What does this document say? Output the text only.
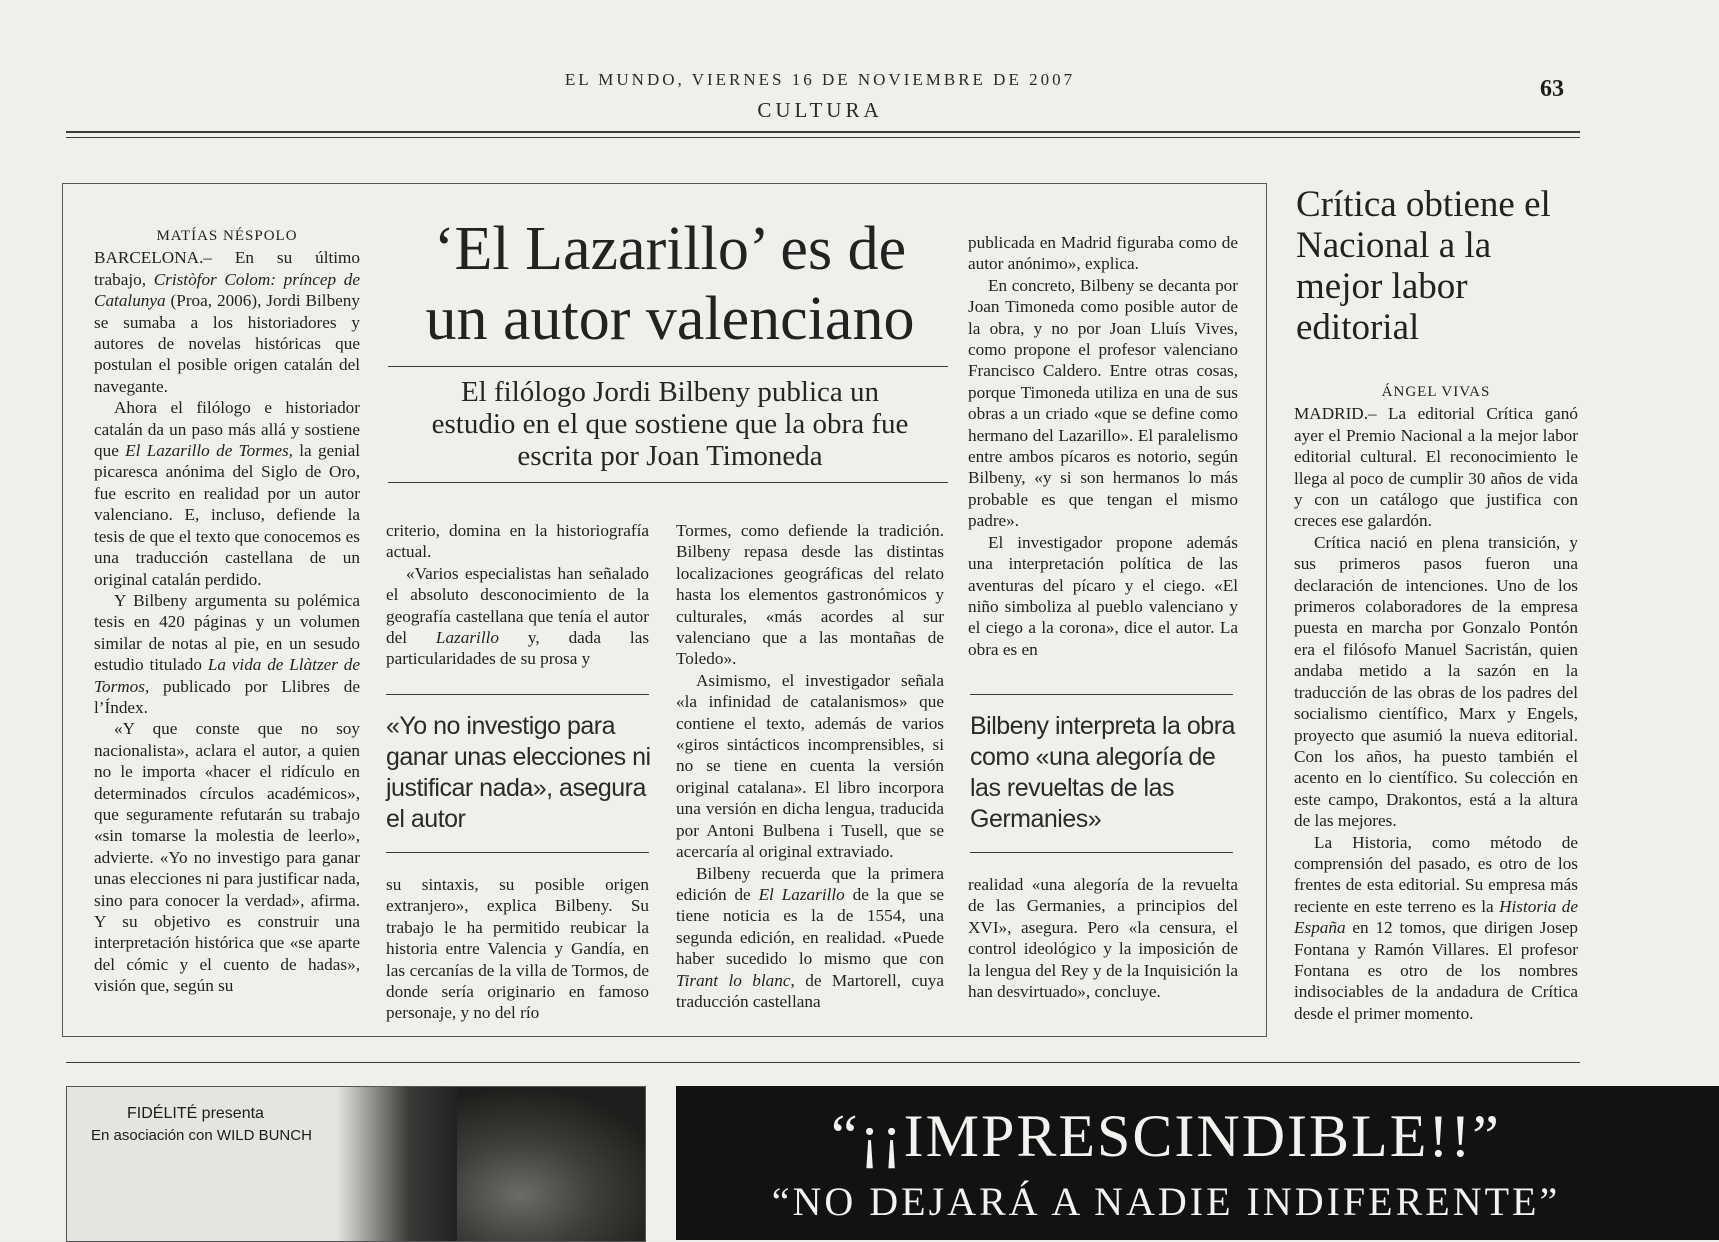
EL MUNDO, VIERNES 16 DE NOVIEMBRE DE 2007
CULTURA
63

MATÍAS NÉSPOLO

BARCELONA.– En su último trabajo, Cristòfor Colom: príncep de Catalunya (Proa, 2006), Jordi Bilbeny se sumaba a los historiadores y autores de novelas históricas que postulan el posible origen catalán del navegante.

Ahora el filólogo e historiador catalán da un paso más allá y sostiene que El Lazarillo de Tormes, la genial picaresca anónima del Siglo de Oro, fue escrito en realidad por un autor valenciano. E, incluso, defiende la tesis de que el texto que conocemos es una traducción castellana de un original catalán perdido.

Y Bilbeny argumenta su polémica tesis en 420 páginas y un volumen similar de notas al pie, en un sesudo estudio titulado La vida de Llàtzer de Tormos, publicado por Llibres de l’Índex.

«Y que conste que no soy nacionalista», aclara el autor, a quien no le importa «hacer el ridículo en determinados círculos académicos», que seguramente refutarán su trabajo «sin tomarse la molestia de leerlo», advierte. «Yo no investigo para ganar unas elecciones ni para justificar nada, sino para conocer la verdad», afirma. Y su objetivo es construir una interpretación histórica que «se aparte del cómic y el cuento de hadas», visión que, según su

‘El Lazarillo’ es de
un autor valenciano
El filólogo Jordi Bilbeny publica un estudio en el que sostiene que la obra fue escrita por Joan Timoneda

criterio, domina en la historiografía actual.

«Varios especialistas han señalado el absoluto desconocimiento de la geografía castellana que tenía el autor del Lazarillo y, dada las particularidades de su prosa y

«Yo no investigo para ganar unas elecciones ni justificar nada», asegura el autor

su sintaxis, su posible origen extranjero», explica Bilbeny. Su trabajo le ha permitido reubicar la historia entre Valencia y Gandía, en las cercanías de la villa de Tormos, de donde sería originario en famoso personaje, y no del río

Tormes, como defiende la tradición. Bilbeny repasa desde las distintas localizaciones geográficas del relato hasta los elementos gastronómicos y culturales, «más acordes al sur valenciano que a las montañas de Toledo».

Asimismo, el investigador señala «la infinidad de catalanismos» que contiene el texto, además de varios «giros sintácticos incomprensibles, si no se tiene en cuenta la versión original catalana». El libro incorpora una versión en dicha lengua, traducida por Antoni Bulbena i Tusell, que se acercaría al original extraviado.

Bilbeny recuerda que la primera edición de El Lazarillo de la que se tiene noticia es la de 1554, una segunda edición, en realidad. «Puede haber sucedido lo mismo que con Tirant lo blanc, de Martorell, cuya traducción castellana

publicada en Madrid figuraba como de autor anónimo», explica.

En concreto, Bilbeny se decanta por Joan Timoneda como posible autor de la obra, y no por Joan Lluís Vives, como propone el profesor valenciano Francisco Caldero. Entre otras cosas, porque Timoneda utiliza en una de sus obras a un criado «que se define como hermano del Lazarillo». El paralelismo entre ambos pícaros es notorio, según Bilbeny, «y si son hermanos lo más probable es que tengan el mismo padre».

El investigador propone además una interpretación política de las aventuras del pícaro y el ciego. «El niño simboliza al pueblo valenciano y el ciego a la corona», dice el autor. La obra es en

Bilbeny interpreta la obra como «una alegoría de las revueltas de las Germanies»

realidad «una alegoría de la revuelta de las Germanies, a principios del XVI», asegura. Pero «la censura, el control ideológico y la imposición de la lengua del Rey y de la Inquisición la han desvirtuado», concluye.

Crítica obtiene el Nacional a la mejor labor editorial

ÁNGEL VIVAS

MADRID.– La editorial Crítica ganó ayer el Premio Nacional a la mejor labor editorial cultural. El reconocimiento le llega al poco de cumplir 30 años de vida y con un catálogo que justifica con creces ese galardón.

Crítica nació en plena transición, y sus primeros pasos fueron una declaración de intenciones. Uno de los primeros colaboradores de la empresa puesta en marcha por Gonzalo Pontón era el filósofo Manuel Sacristán, quien andaba metido a la sazón en la traducción de las obras de los padres del socialismo científico, Marx y Engels, proyecto que asumió la nueva editorial. Con los años, ha puesto también el acento en lo científico. Su colección en este campo, Drakontos, está a la altura de las mejores.

La Historia, como método de comprensión del pasado, es otro de los frentes de esta editorial. Su empresa más reciente en este terreno es la Historia de España en 12 tomos, que dirigen Josep Fontana y Ramón Villares. El profesor Fontana es otro de los nombres indisociables de la andadura de Crítica desde el primer momento.

FIDÉLITÉ presenta
En asociación con WILD BUNCH	“¡¡IMPRESCINDIBLE!!”
“NO DEJARÁ A NADIE INDIFERENTE”
